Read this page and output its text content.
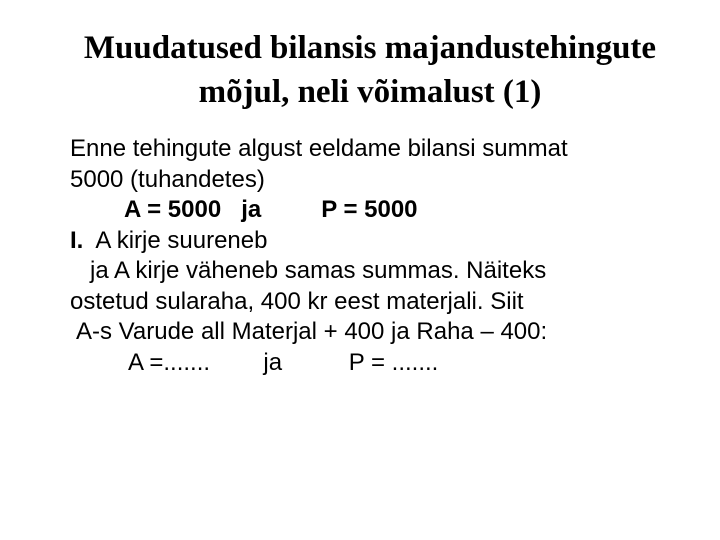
Muudatused bilansis majandustehingute
mõjul, neli võimalust (1)
Enne tehingute algust eeldame bilansi summat
5000 (tuhandetes)
A = 5000   ja         P = 5000
I.  A kirje suureneb
ja A kirje väheneb samas summas. Näiteks
ostetud sularaha, 400 kr eest materjali. Siit
A-s Varude all Materjal + 400 ja Raha – 400:
A =.......        ja          P = .......
